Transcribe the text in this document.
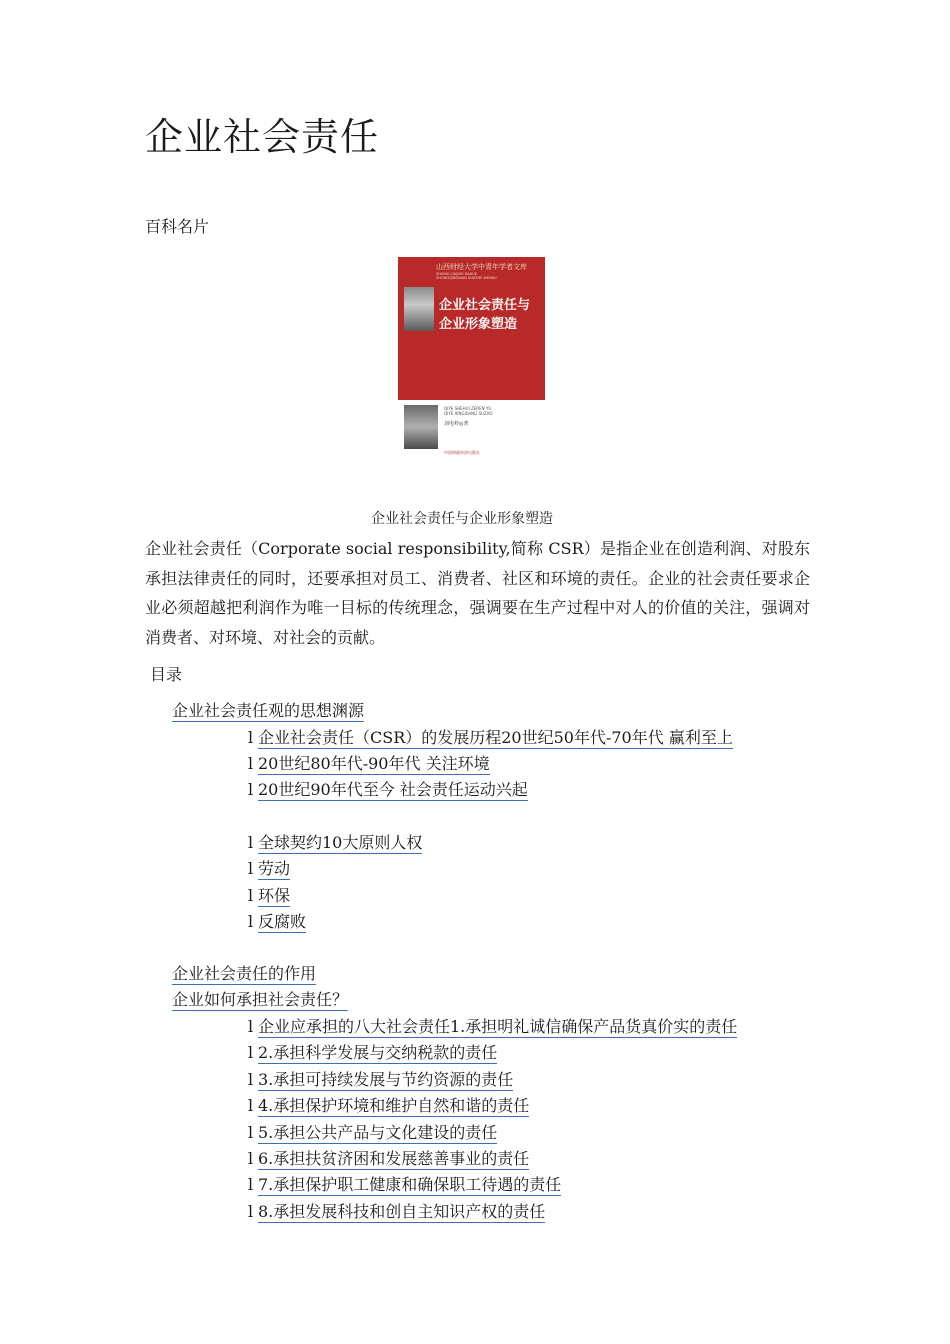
企业社会责任
百科名片
山西财经大学中青年学者文库
SHANXI CAIJING DAXUE
ZHONGQINGNIAN XUEZHE WENKU
企业社会责任与
企业形象塑造
QIYE SHEHUI ZEREN YU
QIYE XINGXIANG SUZAO
刘电岭◎著
中国财政经济出版社
企业社会责任与企业形象塑造

企业社会责任（Corporate social responsibility,简称 CSR）是指企业在创造利润、对股东承担法律责任的同时，还要承担对员工、消费者、社区和环境的责任。企业的社会责任要求企业必须超越把利润作为唯一目标的传统理念，强调要在生产过程中对人的价值的关注，强调对消费者、对环境、对社会的贡献。

目录
企业社会责任观的思想渊源
l 企业社会责任（CSR）的发展历程20世纪50年代-70年代 赢利至上
l 20世纪80年代-90年代 关注环境
l 20世纪90年代至今 社会责任运动兴起
l 全球契约10大原则人权
l 劳动
l 环保
l 反腐败
企业社会责任的作用
企业如何承担社会责任？
l 企业应承担的八大社会责任1.承担明礼诚信确保产品货真价实的责任
l 2.承担科学发展与交纳税款的责任
l 3.承担可持续发展与节约资源的责任
l 4.承担保护环境和维护自然和谐的责任
l 5.承担公共产品与文化建设的责任
l 6.承担扶贫济困和发展慈善事业的责任
l 7.承担保护职工健康和确保职工待遇的责任
l 8.承担发展科技和创自主知识产权的责任
